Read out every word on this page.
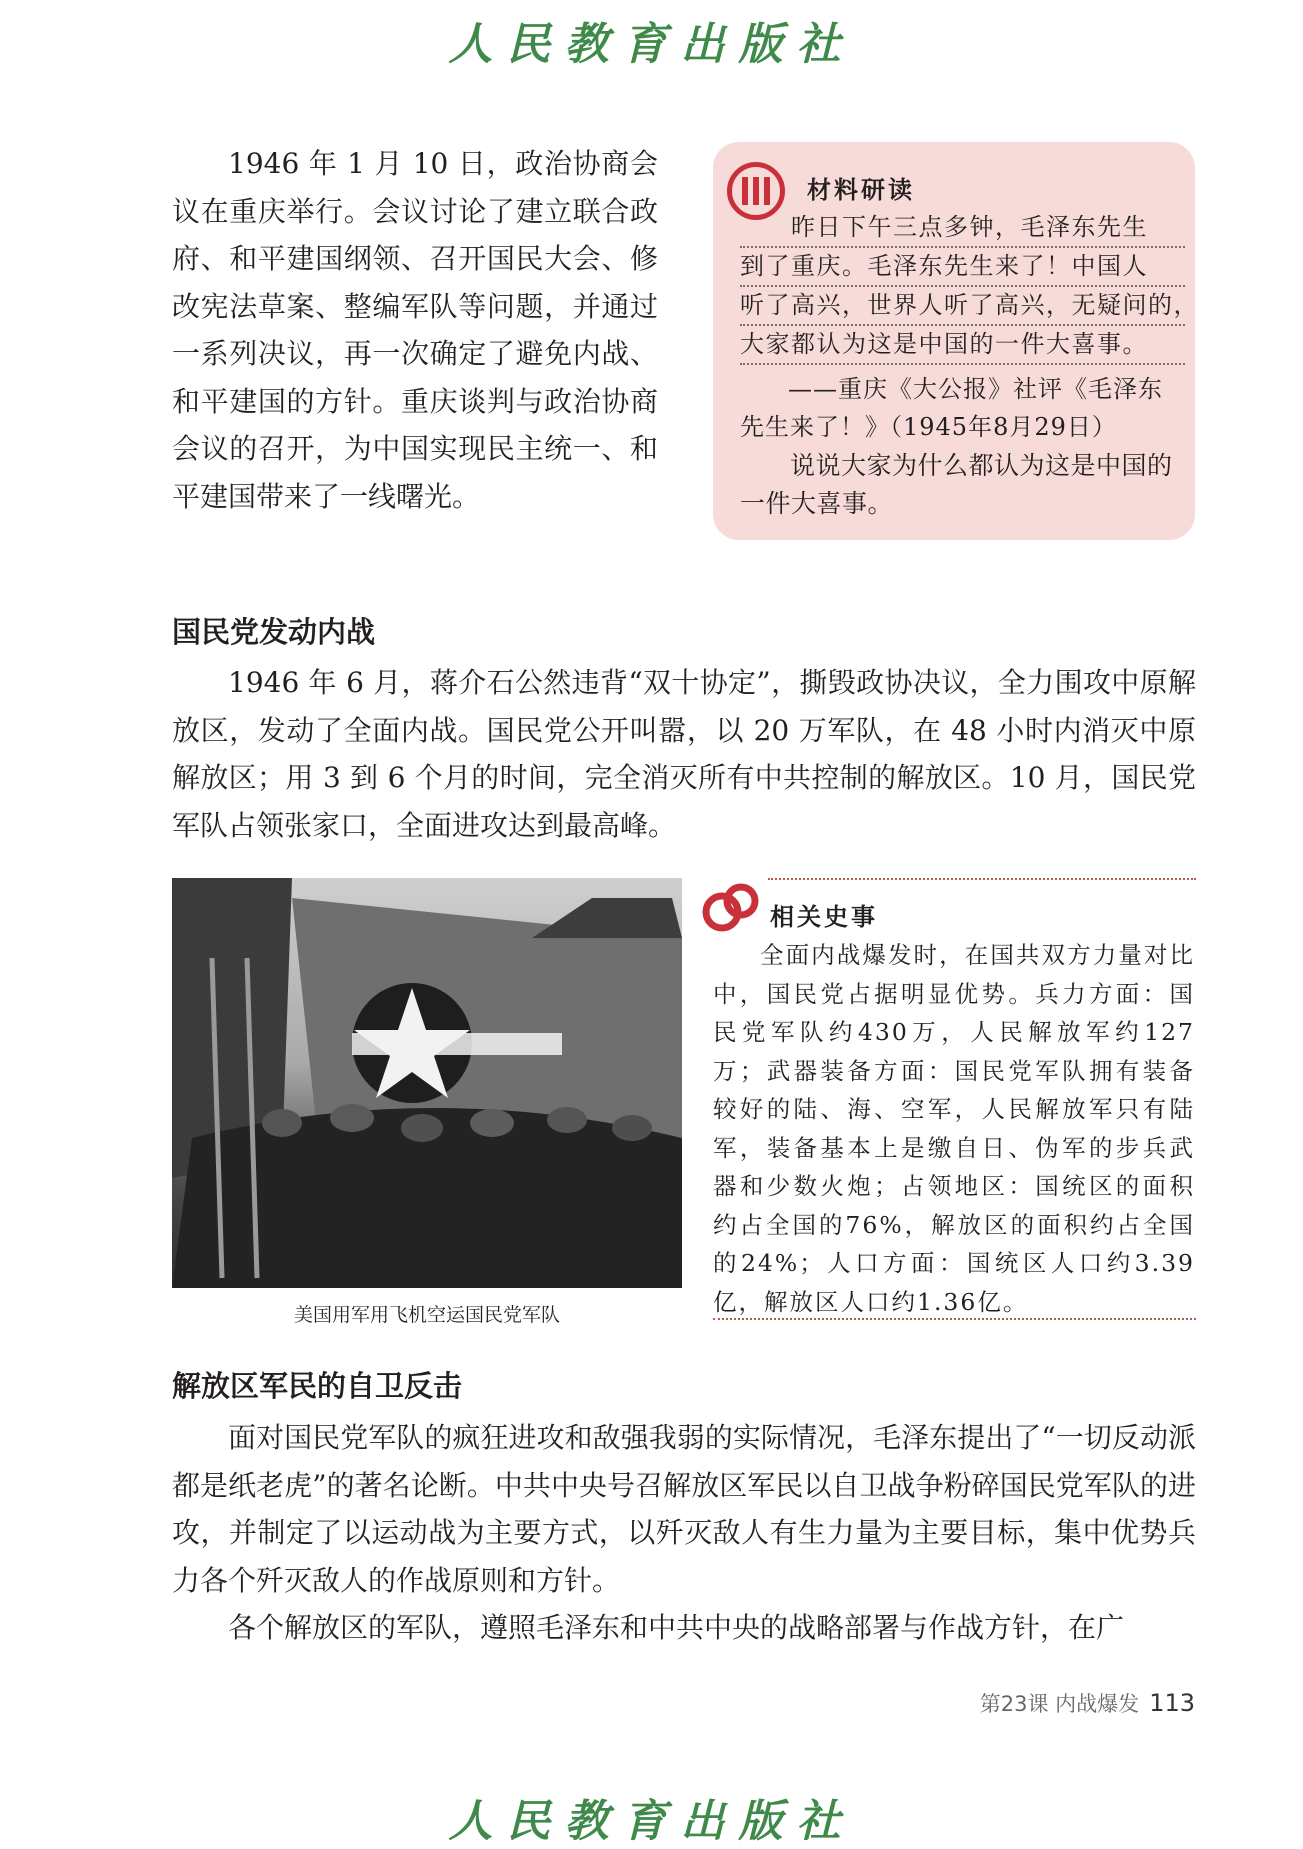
人民教育出版社

1946 年 1 月 10 日，政治协商会议在重庆举行。会议讨论了建立联合政府、和平建国纲领、召开国民大会、修改宪法草案、整编军队等问题，并通过一系列决议，再一次确定了避免内战、和平建国的方针。重庆谈判与政治协商会议的召开，为中国实现民主统一、和平建国带来了一线曙光。

材料研读
　　昨日下午三点多钟，毛泽东先生
到了重庆。毛泽东先生来了！中国人
听了高兴，世界人听了高兴，无疑问的，
大家都认为这是中国的一件大喜事。
——重庆《大公报》社评《毛泽东先生来了！》（1945年8月29日）
说说大家为什么都认为这是中国的一件大喜事。
国民党发动内战

1946 年 6 月，蒋介石公然违背“双十协定”，撕毁政协决议，全力围攻中原解放区，发动了全面内战。国民党公开叫嚣，以 20 万军队，在 48 小时内消灭中原解放区；用 3 到 6 个月的时间，完全消灭所有中共控制的解放区。10 月，国民党军队占领张家口，全面进攻达到最高峰。

美国用军用飞机空运国民党军队
相关史事
全面内战爆发时，在国共双方力量对比中，国民党占据明显优势。兵力方面：国民党军队约430万，人民解放军约127万；武器装备方面：国民党军队拥有装备较好的陆、海、空军，人民解放军只有陆军，装备基本上是缴自日、伪军的步兵武器和少数火炮；占领地区：国统区的面积约占全国的76%，解放区的面积约占全国的24%；人口方面：国统区人口约3.39亿，解放区人口约1.36亿。
解放区军民的自卫反击

面对国民党军队的疯狂进攻和敌强我弱的实际情况，毛泽东提出了“一切反动派都是纸老虎”的著名论断。中共中央号召解放区军民以自卫战争粉碎国民党军队的进攻，并制定了以运动战为主要方式，以歼灭敌人有生力量为主要目标，集中优势兵力各个歼灭敌人的作战原则和方针。

各个解放区的军队，遵照毛泽东和中共中央的战略部署与作战方针，在广

第23课 内战爆发 113
人民教育出版社
